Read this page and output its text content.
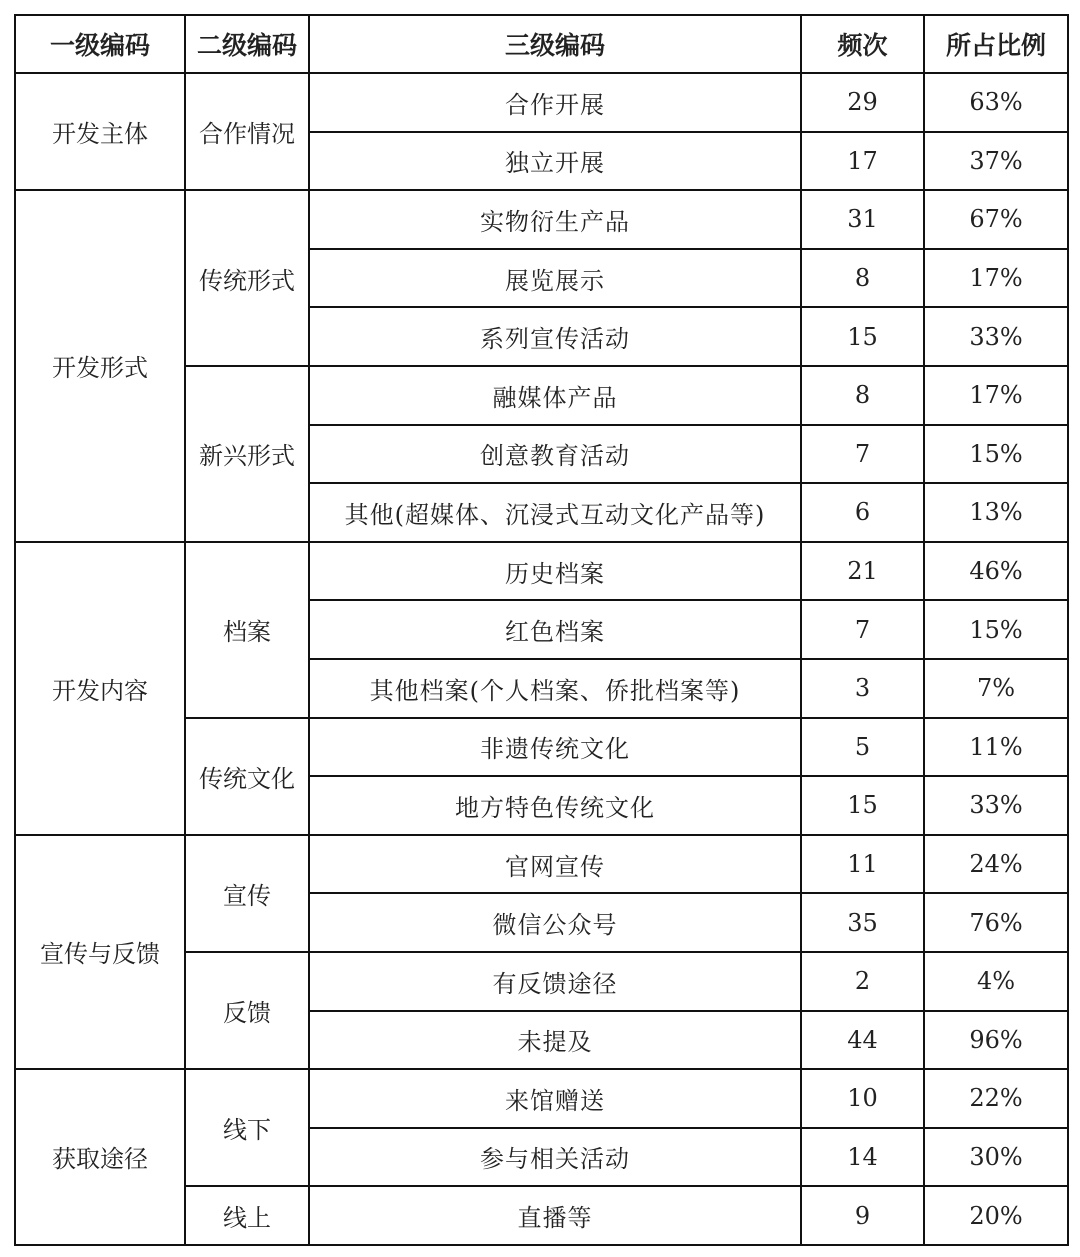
一级编码	二级编码	三级编码	频次	所占比例
开发主体	合作情况	合作开展	29	63%
		独立开展	17	37%
开发形式	传统形式	实物衍生产品	31	67%
		展览展示	8	17%
		系列宣传活动	15	33%
	新兴形式	融媒体产品	8	17%
		创意教育活动	7	15%
		其他(超媒体、沉浸式互动文化产品等)	6	13%
开发内容	档案	历史档案	21	46%
		红色档案	7	15%
		其他档案(个人档案、侨批档案等)	3	7%
	传统文化	非遗传统文化	5	11%
		地方特色传统文化	15	33%
宣传与反馈	宣传	官网宣传	11	24%
		微信公众号	35	76%
	反馈	有反馈途径	2	4%
		未提及	44	96%
获取途径	线下	来馆赠送	10	22%
		参与相关活动	14	30%
	线上	直播等	9	20%
